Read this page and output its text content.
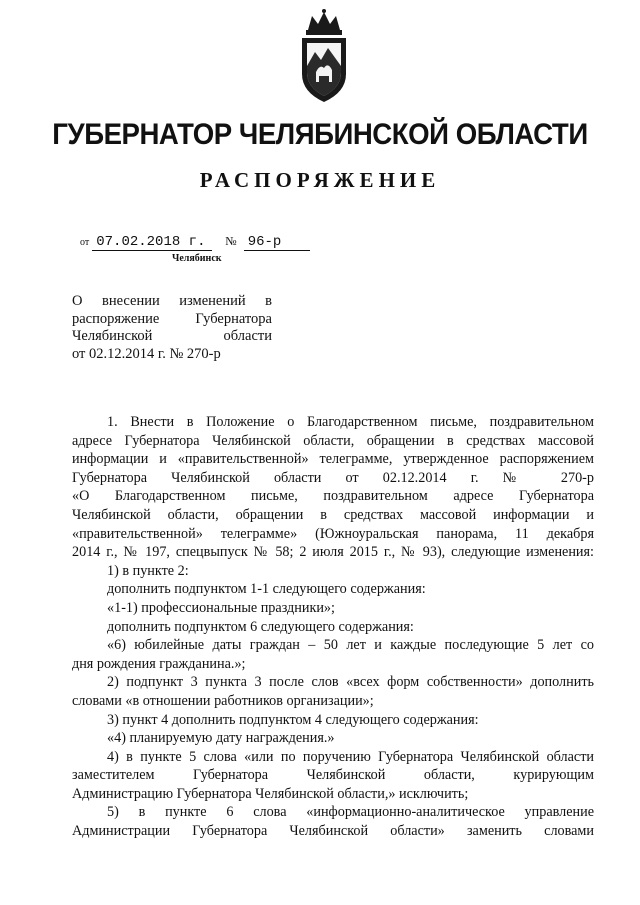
ГУБЕРНАТОР ЧЕЛЯБИНСКОЙ ОБЛАСТИ
РАСПОРЯЖЕНИЕ
от 07.02.2018 г. № 96-р
Челябинск
О внесении изменений в
распоряжение Губернатора
Челябинской области
от 02.12.2014 г. № 270-р
1. Внести в Положение о Благодарственном письме, поздравительном
адресе Губернатора Челябинской области, обращении в средствах массовой
информации и «правительственной» телеграмме, утвержденное распоряжением
Губернатора Челябинской области от 02.12.2014 г. № 270-р
«О Благодарственном письме, поздравительном адресе Губернатора
Челябинской области, обращении в средствах массовой информации и
«правительственной» телеграмме» (Южноуральская панорама, 11 декабря
2014 г., № 197, спецвыпуск № 58; 2 июля 2015 г., № 93), следующие изменения:
1) в пункте 2:
дополнить подпунктом 1-1 следующего содержания:
«1-1) профессиональные праздники»;
дополнить подпунктом 6 следующего содержания:
«6) юбилейные даты граждан – 50 лет и каждые последующие 5 лет со
дня рождения гражданина.»;
2) подпункт 3 пункта 3 после слов «всех форм собственности» дополнить
словами «в отношении работников организации»;
3) пункт 4 дополнить подпунктом 4 следующего содержания:
«4) планируемую дату награждения.»
4) в пункте 5 слова «или по поручению Губернатора Челябинской области
заместителем Губернатора Челябинской области, курирующим
Администрацию Губернатора Челябинской области,» исключить;
5) в пункте 6 слова «информационно-аналитическое управление
Администрации Губернатора Челябинской области» заменить словами
